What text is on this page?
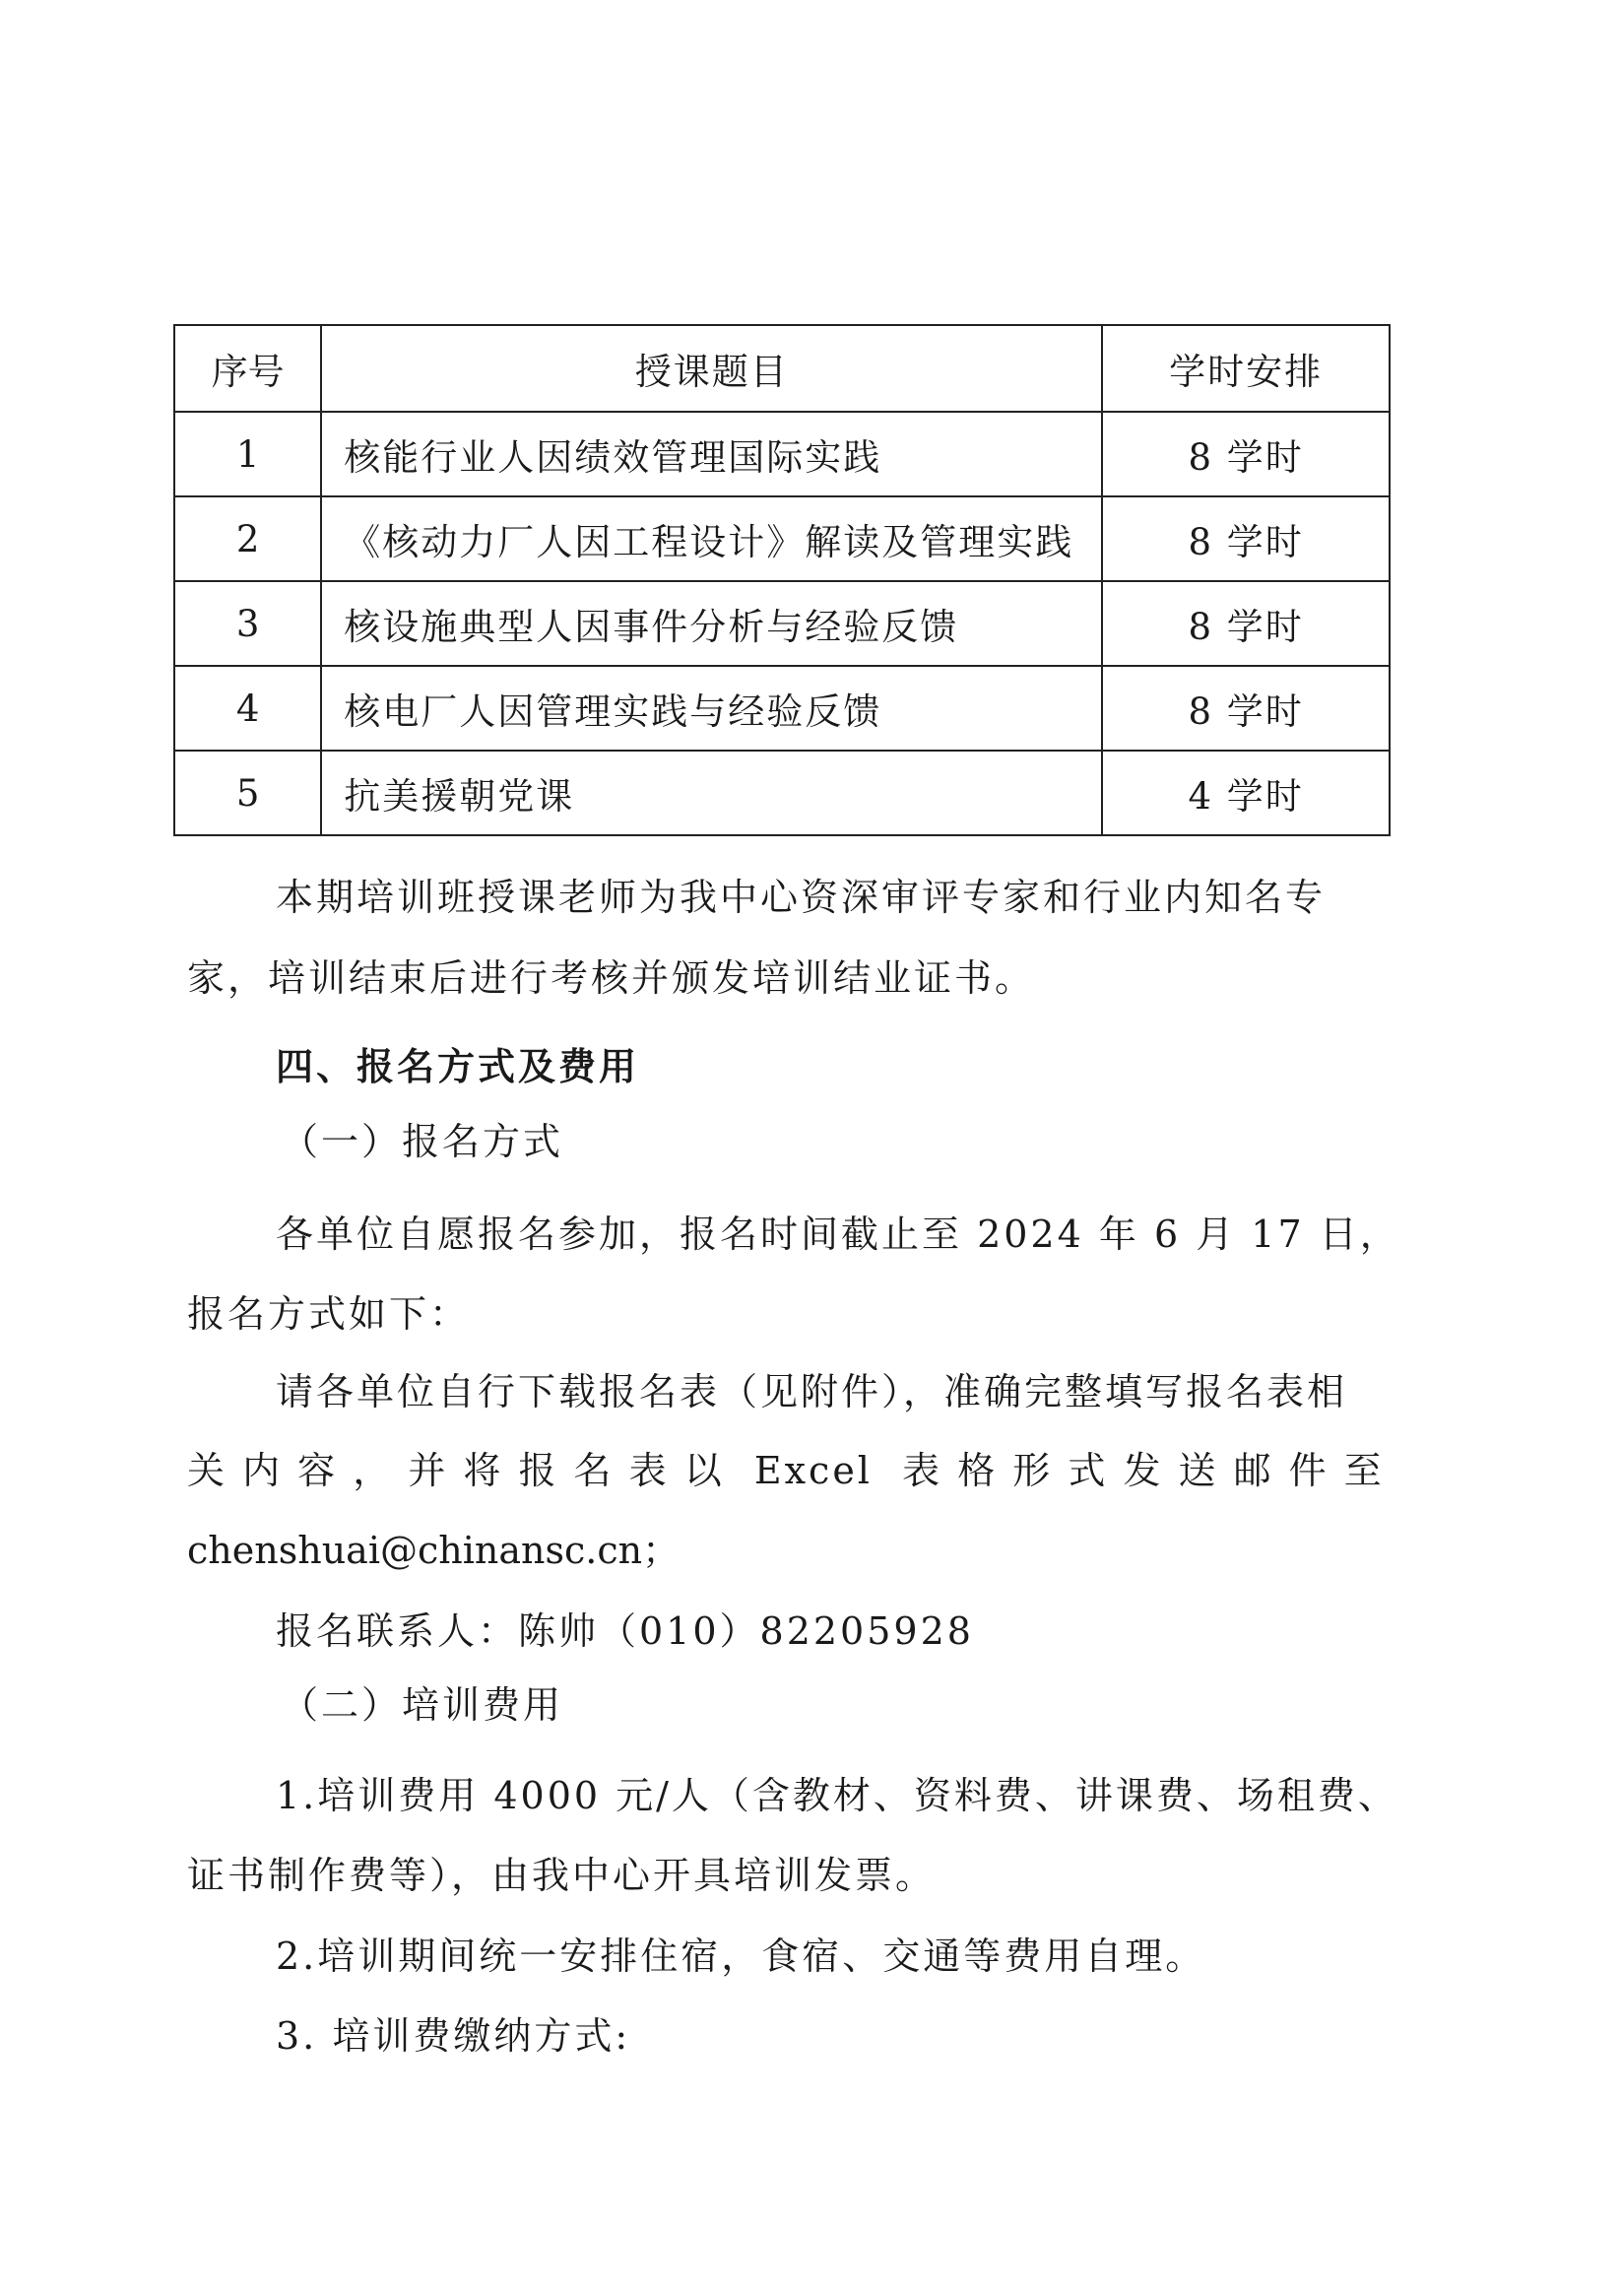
序号	授课题目	学时安排
1	核能行业人因绩效管理国际实践	8 学时
2	《核动力厂人因工程设计》解读及管理实践	8 学时
3	核设施典型人因事件分析与经验反馈	8 学时
4	核电厂人因管理实践与经验反馈	8 学时
5	抗美援朝党课	4 学时

本期培训班授课老师为我中心资深审评专家和行业内知名专

家，培训结束后进行考核并颁发培训结业证书。

四、报名方式及费用

（一）报名方式

各单位自愿报名参加，报名时间截止至 2024 年 6 月 17 日，

报名方式如下：

请各单位自行下载报名表（见附件），准确完整填写报名表相

关 内 容 ， 并 将 报 名 表 以  Excel  表 格 形 式 发 送 邮 件 至

chenshuai@chinansc.cn；

报名联系人：陈帅（010）82205928

（二）培训费用

1.培训费用 4000 元/人（含教材、资料费、讲课费、场租费、

证书制作费等），由我中心开具培训发票。

2.培训期间统一安排住宿，食宿、交通等费用自理。

3. 培训费缴纳方式:
